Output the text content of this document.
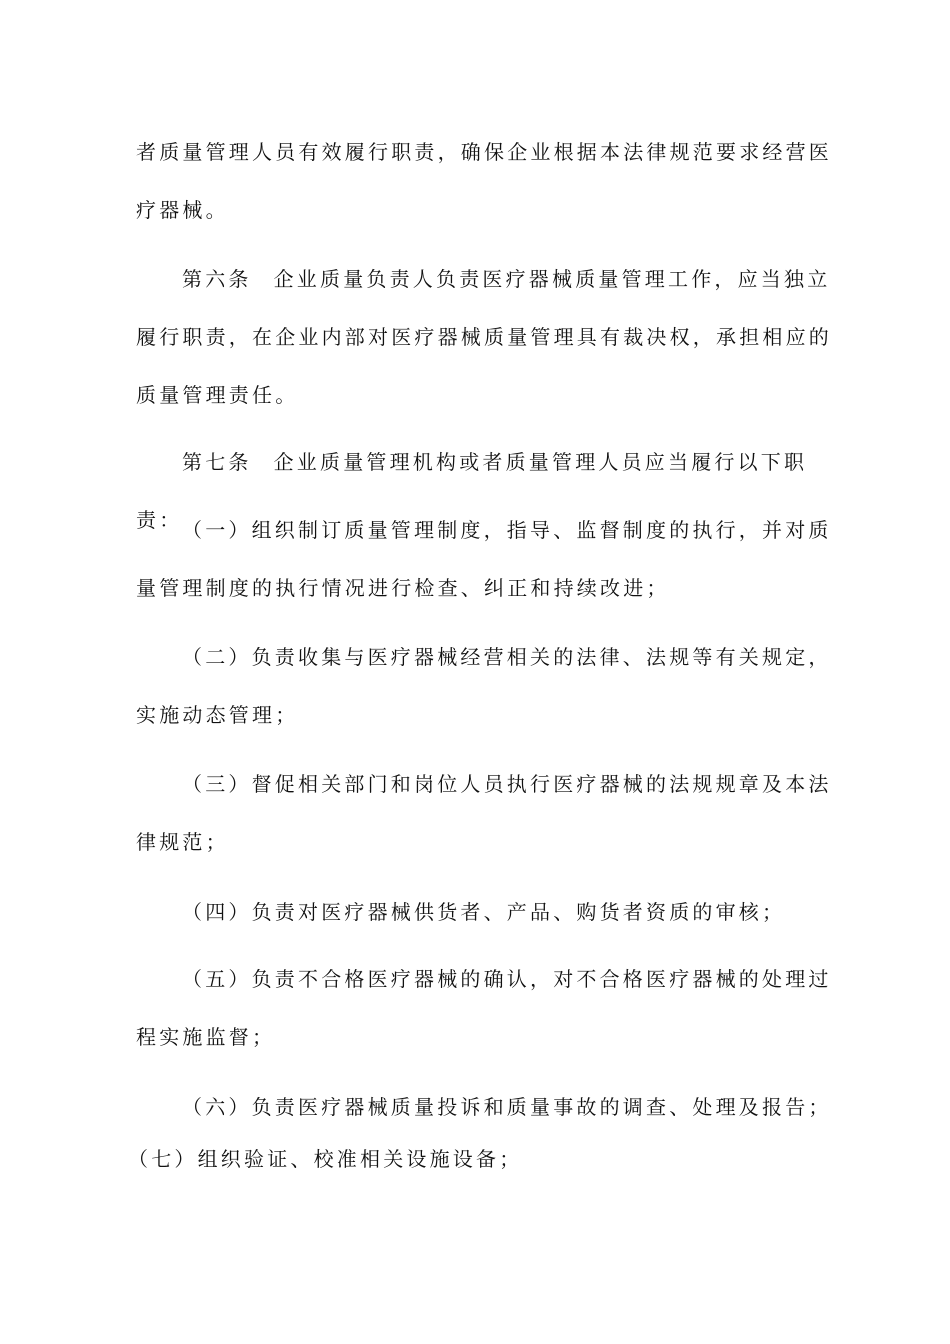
者质量管理人员有效履行职责，确保企业根据本法律规范要求经营医疗器械。

第六条 企业质量负责人负责医疗器械质量管理工作，应当独立履行职责，在企业内部对医疗器械质量管理具有裁决权，承担相应的质量管理责任。

第七条 企业质量管理机构或者质量管理人员应当履行以下职责： （一）组织制订质量管理制度，指导、监督制度的执行，并对质量管理制度的执行情况进行检查、纠正和持续改进；

（二）负责收集与医疗器械经营相关的法律、法规等有关规定，实施动态管理；

（三）督促相关部门和岗位人员执行医疗器械的法规规章及本法律规范；

（四）负责对医疗器械供货者、产品、购货者资质的审核；

（五）负责不合格医疗器械的确认，对不合格医疗器械的处理过程实施监督；

（六）负责医疗器械质量投诉和质量事故的调查、处理及报告；

（七）组织验证、校准相关设施设备；
